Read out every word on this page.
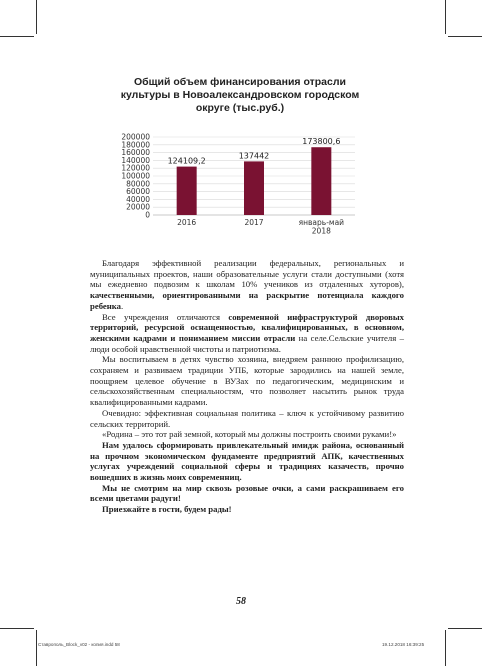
Общий объем финансирования отрасли
культуры в Новоалександровском городском
округе (тыс.руб.)
0
20000
40000
60000
80000
100000
120000
140000
160000
180000
200000
124109,2
2016
137442
2017
173800,6
январь-май
2018

Благодаря эффективной реализации федеральных, региональных и муниципальных проектов, наши образовательные услуги стали доступными (хотя мы ежедневно подвозим к школам 10% учеников из отдаленных хуторов), качественными, ориентированными на раскрытие потенциала каждого ребенка.

Все учреждения отличаются современной инфраструктурой дворовых территорий, ресурсной оснащенностью, квалифицированных, в основном, женскими кадрами и пониманием миссии отрасли на селе.Сельские учителя – люди особой нравственной чистоты и патриотизма.

Мы воспитываем в детях чувство хозяина, внедряем раннюю профилизацию, сохраняем и развиваем традиции УПБ, которые зародились на нашей земле, поощряем целевое обучение в ВУЗах по педагогическим, медицинским и сельскохозяйственным специальностям, что позволяет насытить рынок труда квалифицированными кадрами.

Очевидно: эффективная социальная политика – ключ к устойчивому развитию сельских территорий.

«Родина – это тот рай земной, который мы должны построить своими руками!»

Нам удалось сформировать привлекательный имидж района, основанный на прочном экономическом фундаменте предприятий АПК, качественных услугах учреждений социальной сферы и традициях казачеств, прочно вошедших в жизнь моих современниц.

Мы не смотрим на мир сквозь розовые очки, а сами раскрашиваем его всеми цветами радуги!

Приезжайте в гости, будем рады!

58
Ставрополь_Block_v02 - копия.indd 58	19.12.2018 16:39:25
